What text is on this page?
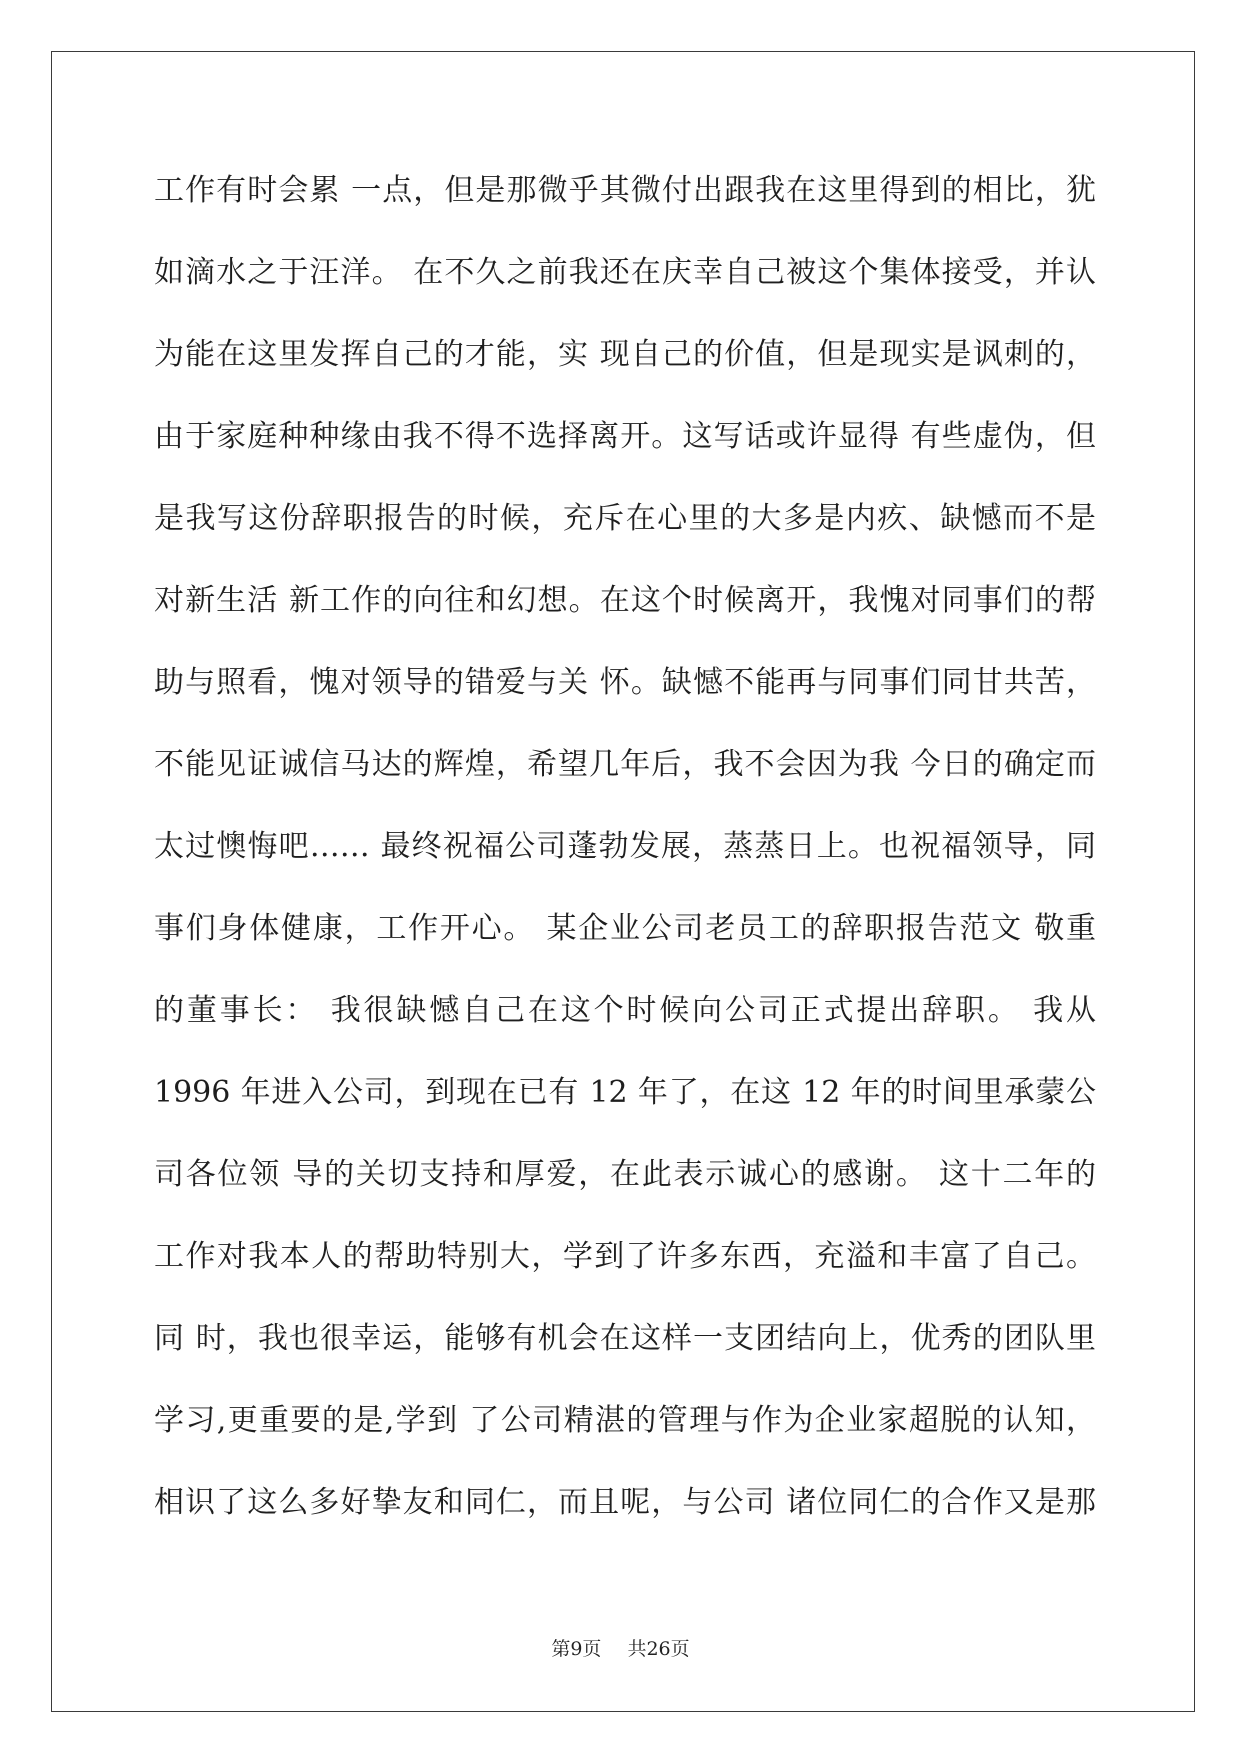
工作有时会累 一点，但是那微乎其微付出跟我在这里得到的相比，犹
如滴水之于汪洋。 在不久之前我还在庆幸自己被这个集体接受，并认
为能在这里发挥自己的才能，实 现自己的价值，但是现实是讽刺的，
由于家庭种种缘由我不得不选择离开。这写话或许显得 有些虚伪，但
是我写这份辞职报告的时候，充斥在心里的大多是内疚、缺憾而不是
对新生活 新工作的向往和幻想。在这个时候离开，我愧对同事们的帮
助与照看，愧对领导的错爱与关 怀。缺憾不能再与同事们同甘共苦，
不能见证诚信马达的辉煌，希望几年后，我不会因为我 今日的确定而
太过懊悔吧…… 最终祝福公司蓬勃发展，蒸蒸日上。也祝福领导，同
事们身体健康，工作开心。 某企业公司老员工的辞职报告范文 敬重
的董事长： 我很缺憾自己在这个时候向公司正式提出辞职。 我从
1996 年进入公司，到现在已有 12 年了，在这 12 年的时间里承蒙公
司各位领 导的关切支持和厚爱，在此表示诚心的感谢。 这十二年的
工作对我本人的帮助特别大，学到了许多东西，充溢和丰富了自己。
同 时，我也很幸运，能够有机会在这样一支团结向上，优秀的团队里
学习,更重要的是,学到 了公司精湛的管理与作为企业家超脱的认知，
相识了这么多好挚友和同仁，而且呢，与公司 诸位同仁的合作又是那
第9页 共26页
